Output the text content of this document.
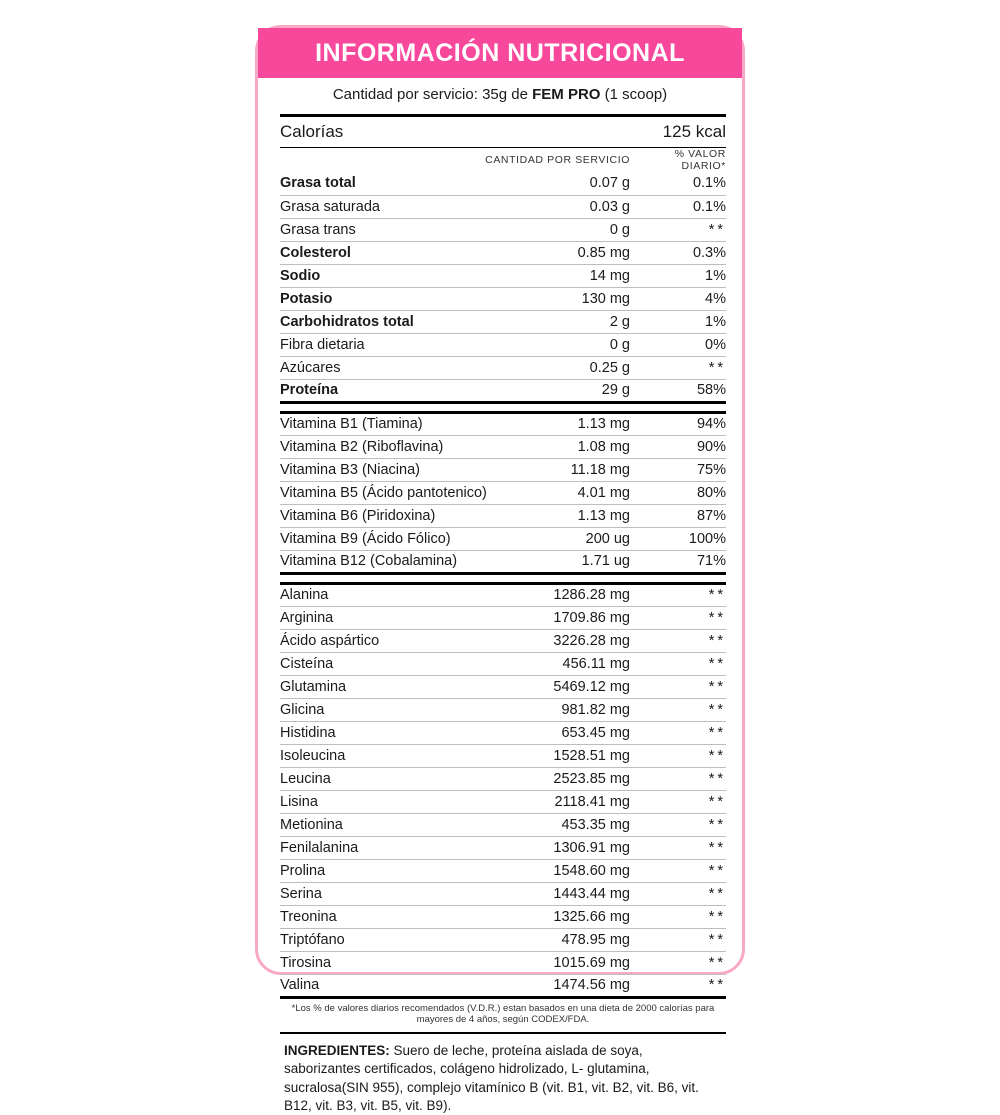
INFORMACIÓN NUTRICIONAL
Cantidad por servicio: 35g de FEM PRO (1 scoop)
Calorías	125 kcal	
	CANTIDAD POR SERVICIO	% VALOR DIARIO*
Grasa total	0.07 g	0.1%
Grasa saturada	0.03 g	0.1%
Grasa trans	0 g	**
Colesterol	0.85 mg	0.3%
Sodio	14 mg	1%
Potasio	130 mg	4%
Carbohidratos total	2 g	1%
Fibra dietaria	0 g	0%
Azúcares	0.25 g	**
Proteína	29 g	58%
Vitamina B1 (Tiamina)	1.13 mg	94%
Vitamina B2 (Riboflavina)	1.08 mg	90%
Vitamina B3 (Niacina)	11.18 mg	75%
Vitamina B5 (Ácido pantotenico)	4.01 mg	80%
Vitamina B6 (Piridoxina)	1.13 mg	87%
Vitamina B9 (Ácido Fólico)	200 ug	100%
Vitamina B12 (Cobalamina)	1.71 ug	71%
Alanina	1286.28 mg	**
Arginina	1709.86 mg	**
Ácido aspártico	3226.28 mg	**
Cisteína	456.11 mg	**
Glutamina	5469.12 mg	**
Glicina	981.82 mg	**
Histidina	653.45 mg	**
Isoleucina	1528.51 mg	**
Leucina	2523.85 mg	**
Lisina	2118.41 mg	**
Metionina	453.35 mg	**
Fenilalanina	1306.91 mg	**
Prolina	1548.60 mg	**
Serina	1443.44 mg	**
Treonina	1325.66 mg	**
Triptófano	478.95 mg	**
Tirosina	1015.69 mg	**
Valina	1474.56 mg	**
*Los % de valores diarios recomendados (V.D.R.) estan basados en una dieta de 2000 calorías para mayores de 4 años, según CODEX/FDA.
INGREDIENTES: Suero de leche, proteína aislada de soya, saborizantes certificados, colágeno hidrolizado, L- glutamina, sucralosa(SIN 955), complejo vitamínico B (vit. B1, vit. B2, vit. B6, vit. B12, vit. B3, vit. B5, vit. B9).
